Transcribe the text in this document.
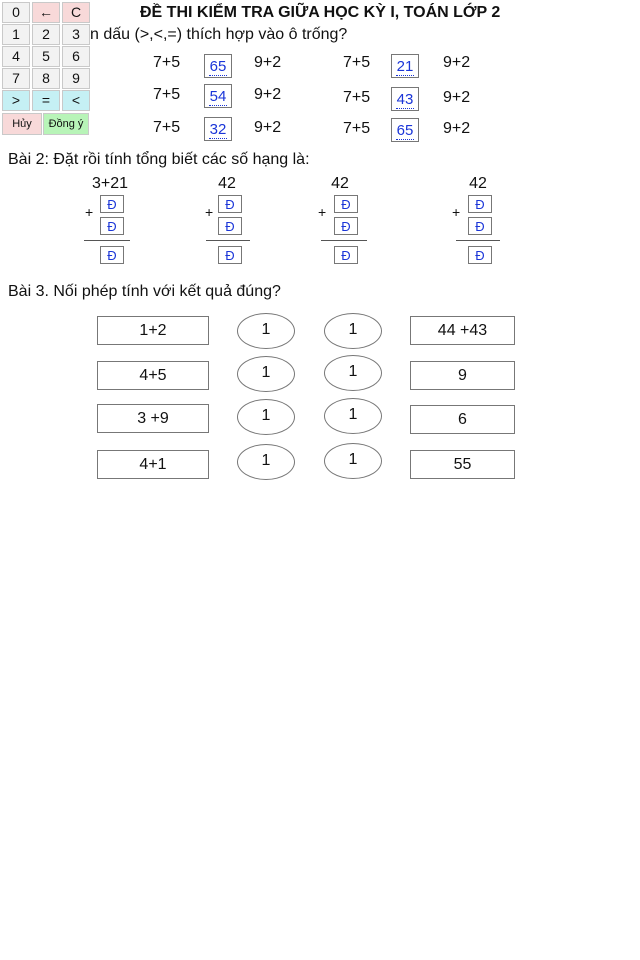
ĐỀ THI KIỂM TRA GIỮA HỌC KỲ I, TOÁN LỚP 2
n dấu (>,<,=) thích hợp vào ô trống?
7+5	65	9+2	7+5	21	9+2
7+5	54	9+2	7+5	43	9+2
7+5	32	9+2	7+5	65	9+2
Bài 2: Đặt rồi tính tổng biết các số hạng là:
3+21
+	Đ
Đ
Đ
42
+ Đ
Đ
Đ
42
+	Đ
Đ
Đ
42
+	Đ
Đ
Đ
Bài 3. Nối phép tính với kết quả đúng?
1+2	1	1	44 +43
4+5	1	1	9
3 +9	1	1	6
4+1	1	1	55
0	←	C
1	2	3
4	5	6
7	8	9
>	=	<
Hủy	Đồng ý
